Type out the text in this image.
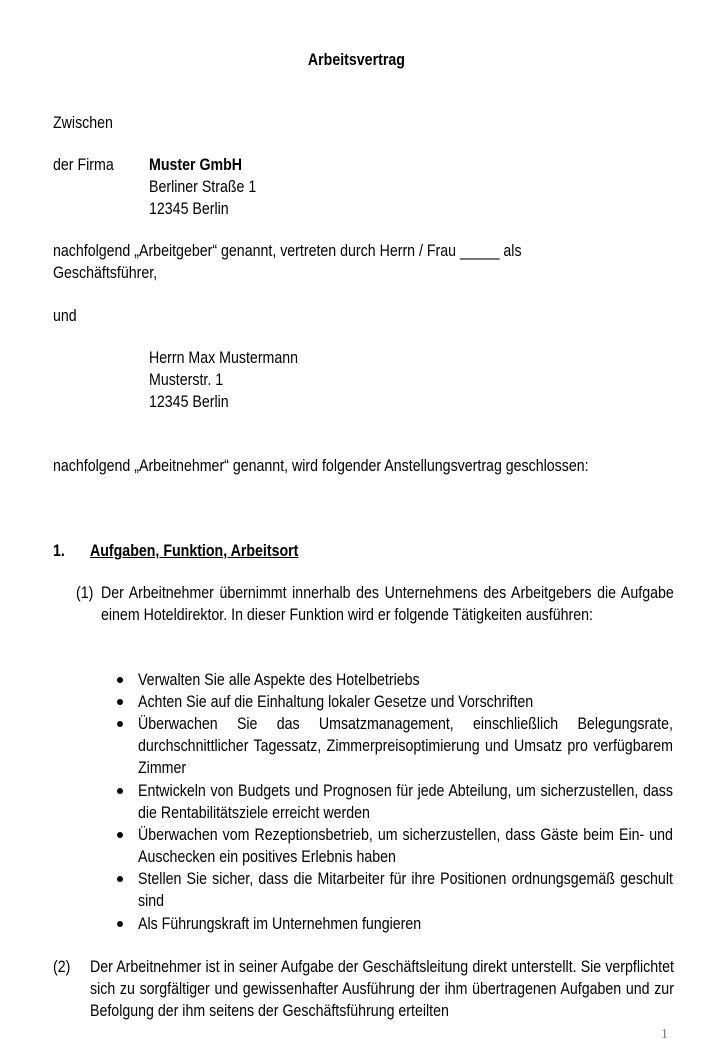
Arbeitsvertrag
Zwischen
der Firma Muster GmbH
Berliner Straße 1
12345 Berlin
nachfolgend „Arbeitgeber“ genannt, vertreten durch Herrn / Frau _____ als
Geschäftsführer,
und
Herrn Max Mustermann
Musterstr. 1
12345 Berlin
nachfolgend „Arbeitnehmer“ genannt, wird folgender Anstellungsvertrag geschlossen:
1. Aufgaben, Funktion, Arbeitsort
(1) Der Arbeitnehmer übernimmt innerhalb des Unternehmens des Arbeitgebers die Aufgabe einem Hoteldirektor. In dieser Funktion wird er folgende Tätigkeiten ausführen:
Verwalten Sie alle Aspekte des Hotelbetriebs
Achten Sie auf die Einhaltung lokaler Gesetze und Vorschriften
Überwachen Sie das Umsatzmanagement, einschließlich Belegungsrate, durchschnittlicher Tagessatz, Zimmerpreisoptimierung und Umsatz pro verfügbarem Zimmer
Entwickeln von Budgets und Prognosen für jede Abteilung, um sicherzustellen, dass die Rentabilitätsziele erreicht werden
Überwachen vom Rezeptionsbetrieb, um sicherzustellen, dass Gäste beim Ein- und Auschecken ein positives Erlebnis haben
Stellen Sie sicher, dass die Mitarbeiter für ihre Positionen ordnungsgemäß geschult sind
Als Führungskraft im Unternehmen fungieren
(2) Der Arbeitnehmer ist in seiner Aufgabe der Geschäftsleitung direkt unterstellt. Sie verpflichtet sich zu sorgfältiger und gewissenhafter Ausführung der ihm übertragenen Aufgaben und zur Befolgung der ihm seitens der Geschäftsführung erteilten
1
